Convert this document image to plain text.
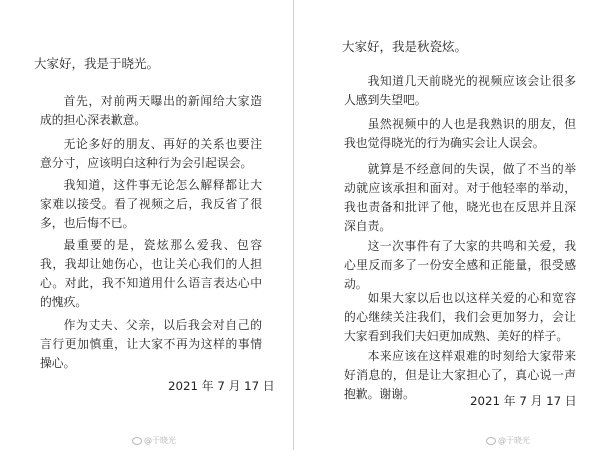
大家好，我是于晓光。

首先，对前两天曝出的新闻给大家造成的担心深表歉意。

无论多好的朋友、再好的关系也要注意分寸，应该明白这种行为会引起误会。

我知道，这件事无论怎么解释都让大家难以接受。看了视频之后，我反省了很多，也后悔不已。

最重要的是，瓷炫那么爱我、包容我，我却让她伤心，也让关心我们的人担心。对此，我不知道用什么语言表达心中的愧疚。

作为丈夫、父亲，以后我会对自己的言行更加慎重，让大家不再为这样的事情操心。

2021 年 7 月 17 日
@于晓光
大家好，我是秋瓷炫。

我知道几天前晓光的视频应该会让很多人感到失望吧。

虽然视频中的人也是我熟识的朋友，但我也觉得晓光的行为确实会让人误会。

就算是不经意间的失误，做了不当的举动就应该承担和面对。对于他轻率的举动，我也责备和批评了他，晓光也在反思并且深深自责。

这一次事件有了大家的共鸣和关爱，我心里反而多了一份安全感和正能量，很受感动。

如果大家以后也以这样关爱的心和宽容的心继续关注我们，我们会更加努力，会让大家看到我们夫妇更加成熟、美好的样子。

本来应该在这样艰难的时刻给大家带来好消息的，但是让大家担心了，真心说一声抱歉。谢谢。	2021 年 7 月 17 日
@于晓光
